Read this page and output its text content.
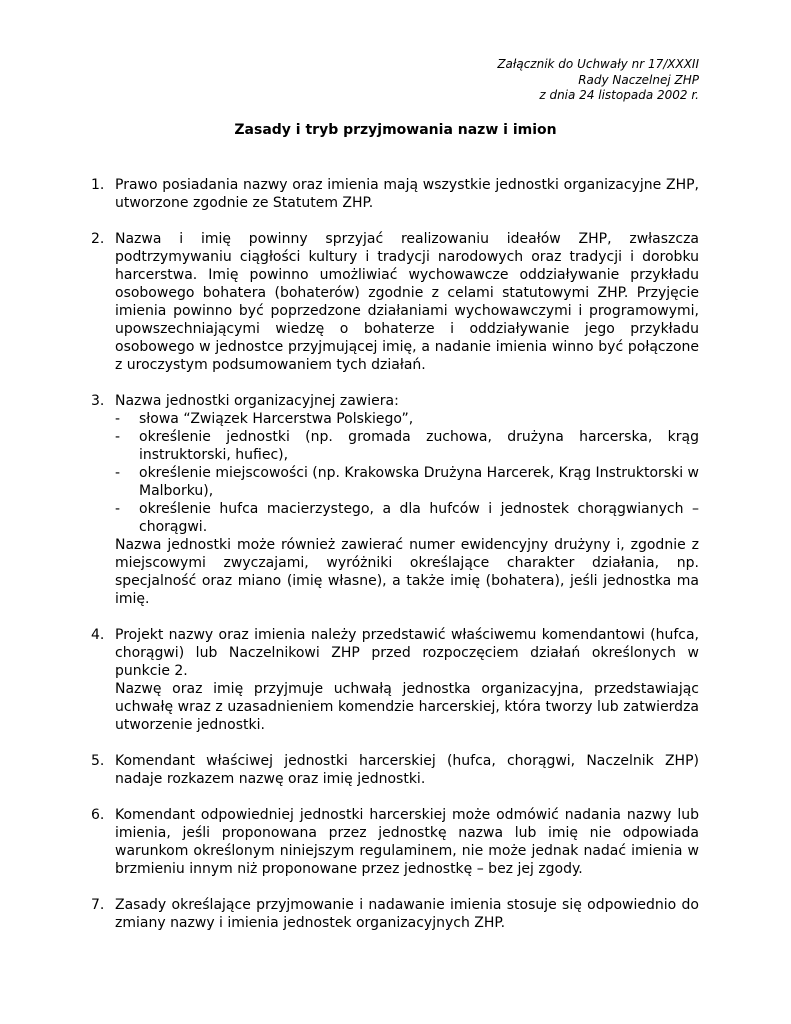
Załącznik do Uchwały nr 17/XXXII
Rady Naczelnej ZHP
z dnia 24 listopada 2002 r.
Zasady i tryb przyjmowania nazw i imion
1. Prawo posiadania nazwy oraz imienia mają wszystkie jednostki organizacyjne ZHP, utworzone zgodnie ze Statutem ZHP.

2. Nazwa i imię powinny sprzyjać realizowaniu ideałów ZHP, zwłaszcza podtrzymywaniu ciągłości kultury i tradycji narodowych oraz tradycji i dorobku harcerstwa. Imię powinno umożliwiać wychowawcze oddziaływanie przykładu osobowego bohatera (bohaterów) zgodnie z celami statutowymi ZHP. Przyjęcie imienia powinno być poprzedzone działaniami wychowawczymi i programowymi, upowszechniającymi wiedzę o bohaterze i oddziaływanie jego przykładu osobowego w jednostce przyjmującej imię, a nadanie imienia winno być połączone z uroczystym podsumowaniem tych działań.

3. Nazwa jednostki organizacyjnej zawiera:

-	słowa “Związek Harcerstwa Polskiego”,
-	określenie jednostki (np. gromada zuchowa, drużyna harcerska, krąg instruktorski, hufiec),
-	określenie miejscowości (np. Krakowska Drużyna Harcerek, Krąg Instruktorski w Malborku),
-	określenie hufca macierzystego, a dla hufców i jednostek chorągwianych – chorągwi.

Nazwa jednostki może również zawierać numer ewidencyjny drużyny i, zgodnie z miejscowymi zwyczajami, wyróżniki określające charakter działania, np. specjalność oraz miano (imię własne), a także imię (bohatera), jeśli jednostka ma imię.

4. Projekt nazwy oraz imienia należy przedstawić właściwemu komendantowi (hufca, chorągwi) lub Naczelnikowi ZHP przed rozpoczęciem działań określonych w punkcie 2.

Nazwę oraz imię przyjmuje uchwałą jednostka organizacyjna, przedstawiając uchwałę wraz z uzasadnieniem komendzie harcerskiej, która tworzy lub zatwierdza utworzenie jednostki.

5. Komendant właściwej jednostki harcerskiej (hufca, chorągwi, Naczelnik ZHP) nadaje rozkazem nazwę oraz imię jednostki.

6. Komendant odpowiedniej jednostki harcerskiej może odmówić nadania nazwy lub imienia, jeśli proponowana przez jednostkę nazwa lub imię nie odpowiada warunkom określonym niniejszym regulaminem, nie może jednak nadać imienia w brzmieniu innym niż proponowane przez jednostkę – bez jej zgody.

7. Zasady określające przyjmowanie i nadawanie imienia stosuje się odpowiednio do zmiany nazwy i imienia jednostek organizacyjnych ZHP.
